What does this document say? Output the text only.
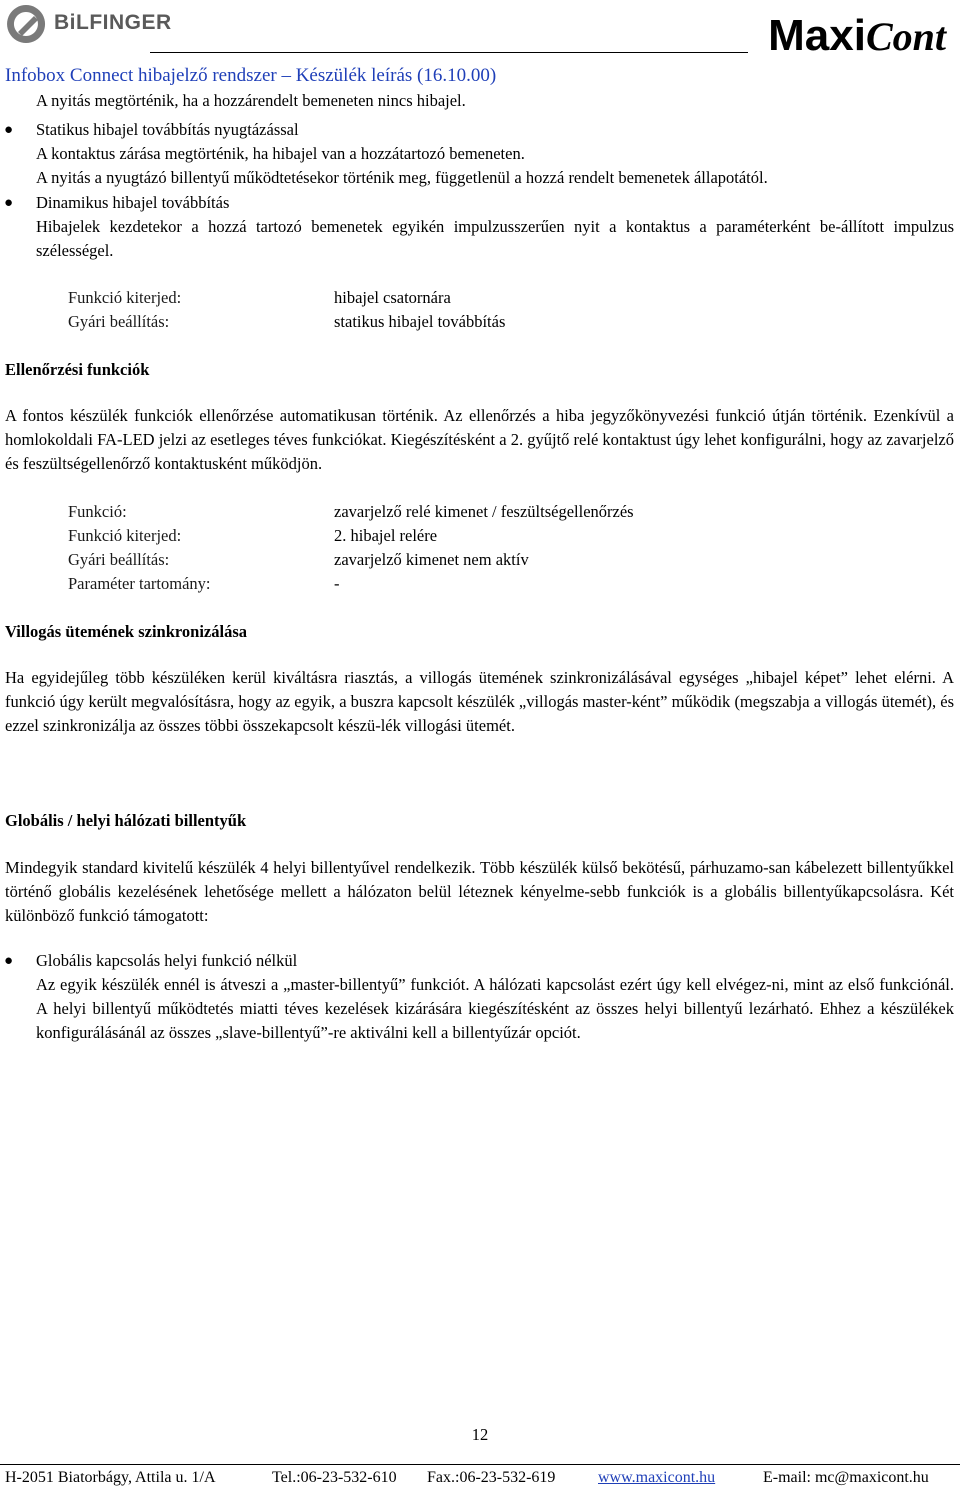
BiLFINGER	MaxiCont
Infobox Connect hibajelző rendszer – Készülék leírás (16.10.00)
A nyitás megtörténik, ha a hozzárendelt bemeneten nincs hibajel.
● Statikus hibajel továbbítás nyugtázással
A kontaktus zárása megtörténik, ha hibajel van a hozzátartozó bemeneten.
A nyitás a nyugtázó billentyű működtetésekor történik meg, függetlenül a hozzá rendelt bemenetek állapotától.
● Dinamikus hibajel továbbítás
Hibajelek kezdetekor a hozzá tartozó bemenetek egyikén impulzusszerűen nyit a kontaktus a paraméterként be-állított impulzus szélességel.
Funkció kiterjed:	hibajel csatornára
Gyári beállítás:	statikus hibajel továbbítás
Ellenőrzési funkciók
A fontos készülék funkciók ellenőrzése automatikusan történik. Az ellenőrzés a hiba jegyzőkönyvezési funkció útján történik. Ezenkívül a homlokoldali FA-LED jelzi az esetleges téves funkciókat. Kiegészítésként a 2. gyűjtő relé kontaktust úgy lehet konfigurálni, hogy az zavarjelző és feszültségellenőrző kontaktusként működjön.
Funkció:	zavarjelző relé kimenet / feszültségellenőrzés
Funkció kiterjed:	2. hibajel relére
Gyári beállítás:	zavarjelző kimenet nem aktív
Paraméter tartomány:	-
Villogás ütemének szinkronizálása
Ha egyidejűleg több készüléken kerül kiváltásra riasztás, a villogás ütemének szinkronizálásával egységes „hibajel képet” lehet elérni. A funkció úgy került megvalósításra, hogy az egyik, a buszra kapcsolt készülék „villogás master-ként” működik (megszabja a villogás ütemét), és ezzel szinkronizálja az összes többi összekapcsolt készü-lék villogási ütemét.
Globális / helyi hálózati billentyűk
Mindegyik standard kivitelű készülék 4 helyi billentyűvel rendelkezik. Több készülék külső bekötésű, párhuzamo-san kábelezett billentyűkkel történő globális kezelésének lehetősége mellett a hálózaton belül léteznek kényelme-sebb funkciók is a globális billentyűkapcsolásra. Két különböző funkció támogatott:
● Globális kapcsolás helyi funkció nélkül
Az egyik készülék ennél is átveszi a „master-billentyű” funkciót. A hálózati kapcsolást ezért úgy kell elvégez-ni, mint az első funkciónál. A helyi billentyű működtetés miatti téves kezelések kizárására kiegészítésként az összes helyi billentyű lezárható. Ehhez a készülékek konfigurálásánál az összes „slave-billentyű”-re aktiválni kell a billentyűzár opciót.
12
H-2051 Biatorbágy, Attila u. 1/A	Tel.:06-23-532-610 Fax.:06-23-532-619	www.maxicont.hu	E-mail: mc@maxicont.hu
